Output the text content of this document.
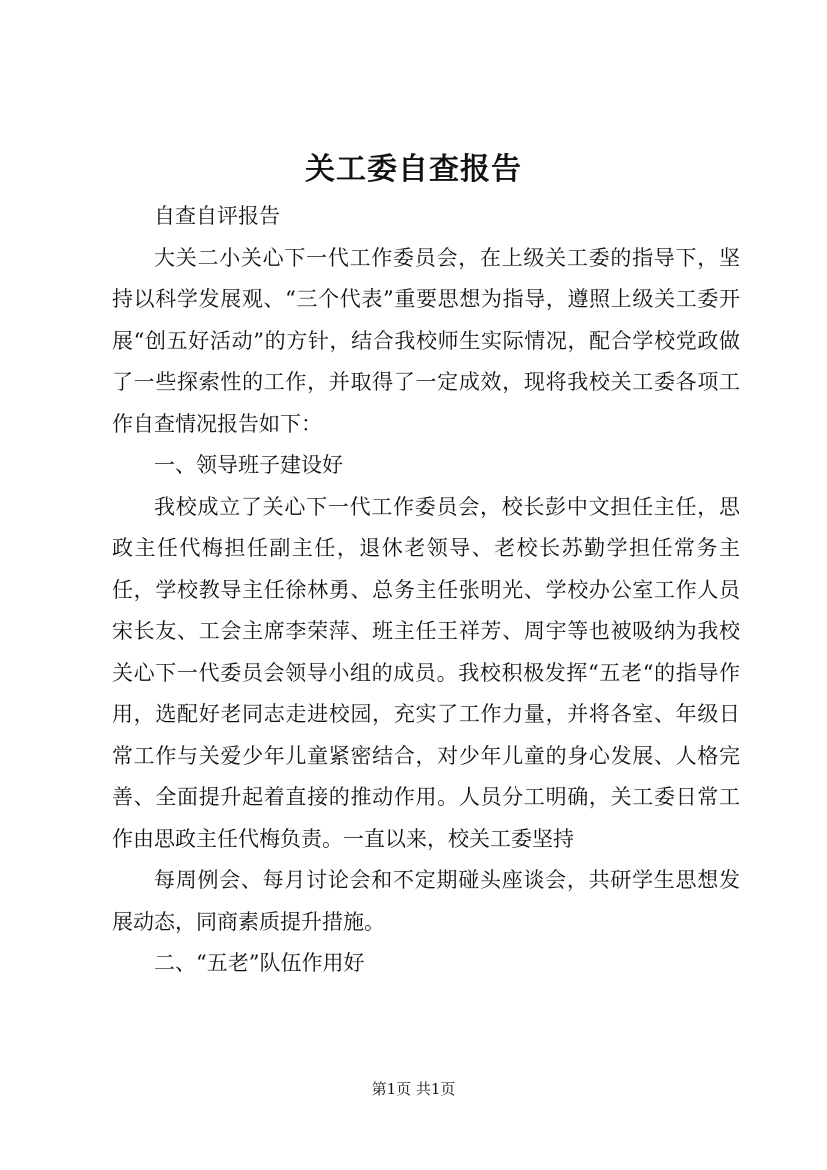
关工委自查报告

自查自评报告

大关二小关心下一代工作委员会，在上级关工委的指导下，坚持以科学发展观、“三个代表”重要思想为指导，遵照上级关工委开展“创五好活动”的方针，结合我校师生实际情况，配合学校党政做了一些探索性的工作，并取得了一定成效，现将我校关工委各项工作自查情况报告如下：

一、领导班子建设好

我校成立了关心下一代工作委员会，校长彭中文担任主任，思政主任代梅担任副主任，退休老领导、老校长苏勤学担任常务主任，学校教导主任徐林勇、总务主任张明光、学校办公室工作人员宋长友、工会主席李荣萍、班主任王祥芳、周宇等也被吸纳为我校关心下一代委员会领导小组的成员。我校积极发挥“五老“的指导作用，选配好老同志走进校园，充实了工作力量，并将各室、年级日常工作与关爱少年儿童紧密结合，对少年儿童的身心发展、人格完善、全面提升起着直接的推动作用。人员分工明确，关工委日常工作由思政主任代梅负责。一直以来，校关工委坚持

每周例会、每月讨论会和不定期碰头座谈会，共研学生思想发展动态，同商素质提升措施。

二、“五老”队伍作用好

第1页 共1页
